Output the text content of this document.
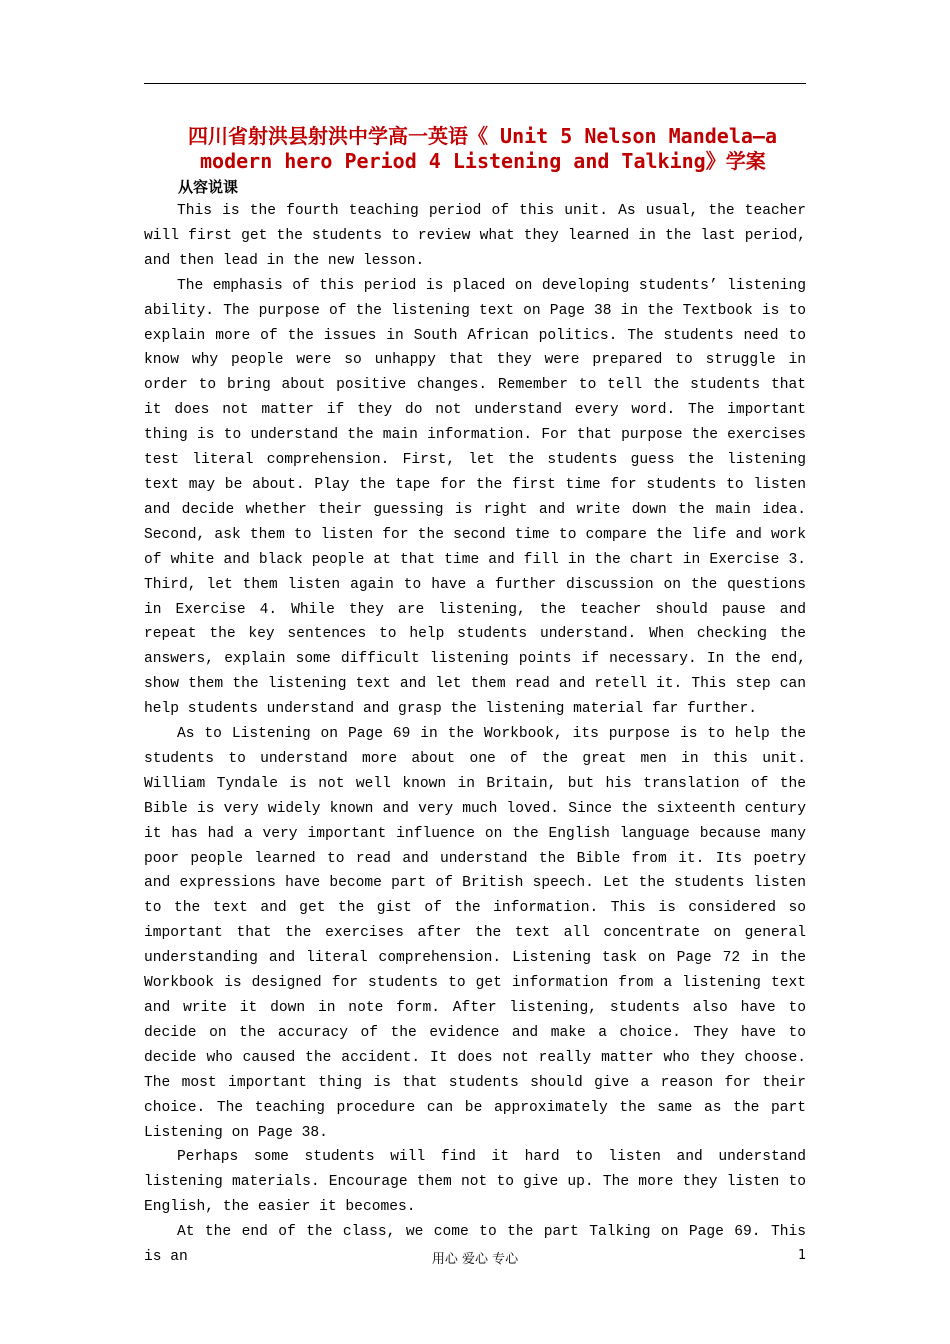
四川省射洪县射洪中学高一英语《 Unit 5 Nelson Mandela—a
modern hero Period 4 Listening and Talking》学案
从容说课

This is the fourth teaching period of this unit. As usual, the teacher will first get the students to review what they learned in the last period, and then lead in the new lesson.

The emphasis of this period is placed on developing students’ listening ability. The purpose of the listening text on Page 38 in the Textbook is to explain more of the issues in South African politics. The students need to know why people were so unhappy that they were prepared to struggle in order to bring about positive changes. Remember to tell the students that it does not matter if they do not understand every word. The important thing is to understand the main information. For that purpose the exercises test literal comprehension. First, let the students guess the listening text may be about. Play the tape for the first time for students to listen and decide whether their guessing is right and write down the main idea. Second, ask them to listen for the second time to compare the life and work of white and black people at that time and fill in the chart in Exercise 3. Third, let them listen again to have a further discussion on the questions in Exercise 4. While they are listening, the teacher should pause and repeat the key sentences to help students understand. When checking the answers, explain some difficult listening points if necessary. In the end, show them the listening text and let them read and retell it. This step can help students understand and grasp the listening material far further.

As to Listening on Page 69 in the Workbook, its purpose is to help the students to understand more about one of the great men in this unit. William Tyndale is not well known in Britain, but his translation of the Bible is very widely known and very much loved. Since the sixteenth century it has had a very important influence on the English language because many poor people learned to read and understand the Bible from it. Its poetry and expressions have become part of British speech. Let the students listen to the text and get the gist of the information. This is considered so important that the exercises after the text all concentrate on general understanding and literal comprehension. Listening task on Page 72 in the Workbook is designed for students to get information from a listening text and write it down in note form. After listening, students also have to decide on the accuracy of the evidence and make a choice. They have to decide who caused the accident. It does not really matter who they choose. The most important thing is that students should give a reason for their choice. The teaching procedure can be approximately the same as the part Listening on Page 38.

Perhaps some students will find it hard to listen and understand listening materials. Encourage them not to give up. The more they listen to English, the easier it becomes.

At the end of the class, we come to the part Talking on Page 69. This is an	用心 爱心 专心	1
